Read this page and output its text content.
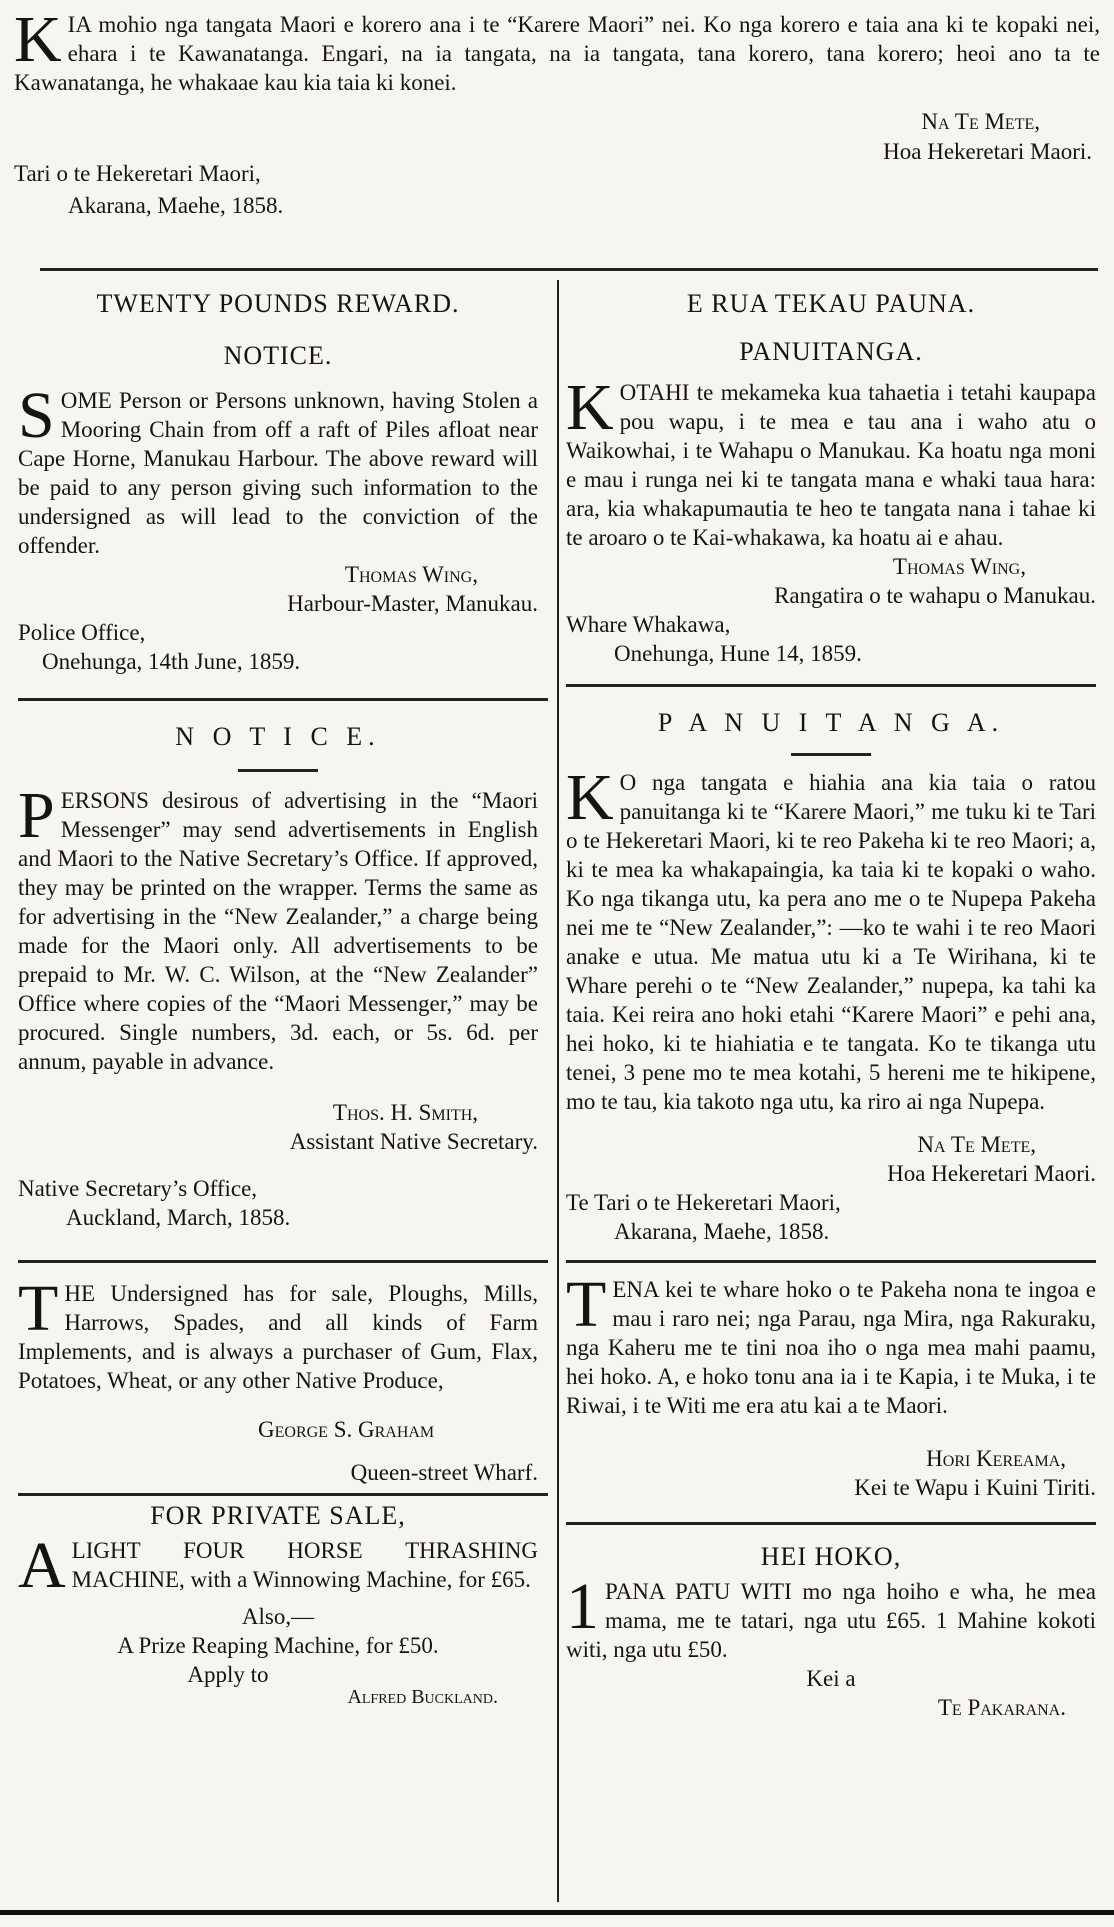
K IA mohio nga tangata Maori e korero ana i te “Karere Maori” nei. Ko nga korero e taia ana ki te kopaki nei, ehara i te Kawanatanga. Engari, na ia tangata, na ia tangata, tana korero, tana korero; heoi ano ta te Kawanatanga, he whakaae kau kia taia ki konei.

Na Te Mete,
Tari o te Hekeretari Maori,
Hoa Hekeretari Maori.
Akarana, Maehe, 1858.

TWENTY POUNDS REWARD.

NOTICE.

S OME Person or Persons unknown, having Stolen a Mooring Chain from off a raft of Piles afloat near Cape Horne, Manukau Harbour. The above reward will be paid to any person giving such information to the undersigned as will lead to the conviction of the offender.

Thomas Wing,
Harbour-Master, Manukau.
Police Office,
Onehunga, 14th June, 1859.

N O T I C E.

P ERSONS desirous of advertising in the “Maori Messenger” may send advertisements in English and Maori to the Native Secretary’s Office. If approved, they may be printed on the wrapper. Terms the same as for advertising in the “New Zealander,” a charge being made for the Maori only. All advertisements to be prepaid to Mr. W. C. Wilson, at the “New Zealander” Office where copies of the “Maori Messenger,” may be procured. Single numbers, 3d. each, or 5s. 6d. per annum, payable in advance.

Thos. H. Smith,
Assistant Native Secretary.
Native Secretary’s Office,
Auckland, March, 1858.

T HE Undersigned has for sale, Ploughs, Mills, Harrows, Spades, and all kinds of Farm Implements, and is always a purchaser of Gum, Flax, Potatoes, Wheat, or any other Native Produce,

George S. Graham
Queen-street Wharf.

FOR PRIVATE SALE,

A LIGHT FOUR HORSE THRASHING MACHINE, with a Winnowing Machine, for £65.

Also,—
A Prize Reaping Machine, for £50.
Apply to
Alfred Buckland.

E RUA TEKAU PAUNA.

PANUITANGA.

K OTAHI te mekameka kua tahaetia i tetahi kaupapa pou wapu, i te mea e tau ana i waho atu o Waikowhai, i te Wahapu o Manukau. Ka hoatu nga moni e mau i runga nei ki te tangata mana e whaki taua hara: ara, kia whakapumautia te heo te tangata nana i tahae ki te aroaro o te Kai-whakawa, ka hoatu ai e ahau.

Thomas Wing,
Rangatira o te wahapu o Manukau.
Whare Whakawa,
Onehunga, Hune 14, 1859.

P A N U I T A N G A.

K O nga tangata e hiahia ana kia taia o ratou panuitanga ki te “Karere Maori,” me tuku ki te Tari o te Hekeretari Maori, ki te reo Pakeha ki te reo Maori; a, ki te mea ka whakapaingia, ka taia ki te kopaki o waho. Ko nga tikanga utu, ka pera ano me o te Nupepa Pakeha nei me te “New Zealander,”: —ko te wahi i te reo Maori anake e utua. Me matua utu ki a Te Wirihana, ki te Whare perehi o te “New Zealander,” nupepa, ka tahi ka taia. Kei reira ano hoki etahi “Karere Maori” e pehi ana, hei hoko, ki te hiahiatia e te tangata. Ko te tikanga utu tenei, 3 pene mo te mea kotahi, 5 hereni me te hikipene, mo te tau, kia takoto nga utu, ka riro ai nga Nupepa.

Na Te Mete,
Hoa Hekeretari Maori.
Te Tari o te Hekeretari Maori,
Akarana, Maehe, 1858.

T ENA kei te whare hoko o te Pakeha nona te ingoa e mau i raro nei; nga Parau, nga Mira, nga Rakuraku, nga Kaheru me te tini noa iho o nga mea mahi paamu, hei hoko. A, e hoko tonu ana ia i te Kapia, i te Muka, i te Riwai, i te Witi me era atu kai a te Maori.

Hori Kereama,
Kei te Wapu i Kuini Tiriti.

HEI HOKO,

1 PANA PATU WITI mo nga hoiho e wha, he mea mama, me te tatari, nga utu £65. 1 Mahine kokoti witi, nga utu £50.

Kei a
Te Pakarana.
